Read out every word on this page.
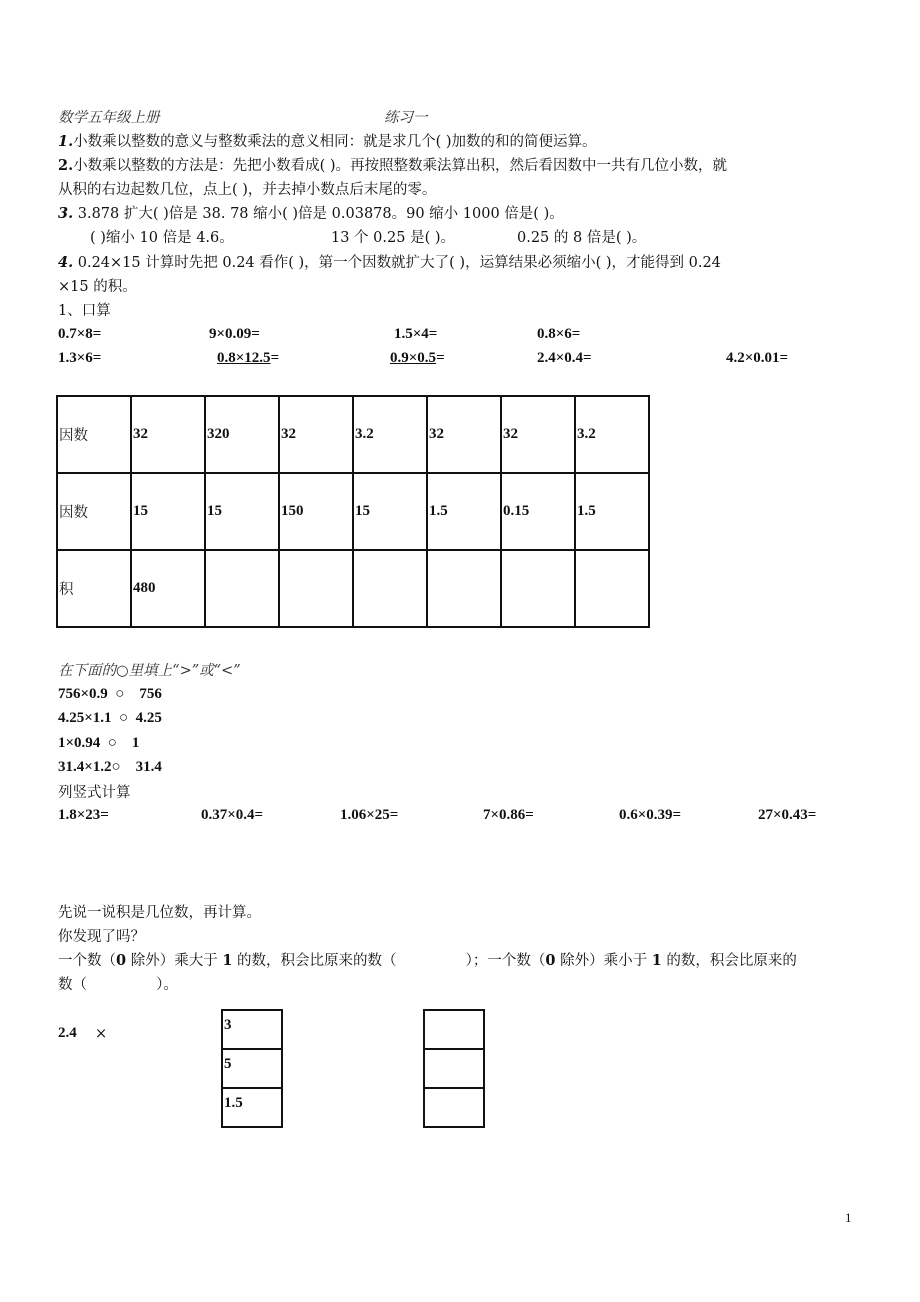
数学五年级上册	练习一
1.小数乘以整数的意义与整数乘法的意义相同：就是求几个( )加数的和的简便运算。
2.小数乘以整数的方法是：先把小数看成( )。再按照整数乘法算出积，然后看因数中一共有几位小数，就
从积的右边起数几位，点上( )，并去掉小数点后末尾的零。
3. 3.878 扩大( )倍是 38. 78 缩小( )倍是 0.03878。90 缩小 1000 倍是( )。
( )缩小 10 倍是 4.6。	13 个 0.25 是( )。	0.25 的 8 倍是( )。
4. 0.24×15 计算时先把 0.24 看作( )，第一个因数就扩大了( )，运算结果必须缩小( )，才能得到 0.24
×15 的积。
1、口算
0.7×8=	9×0.09=	1.5×4=	0.8×6=
1.3×6=	0.8×12.5=	0.9×0.5=	2.4×0.4=	4.2×0.01=
因数	32	320	32	3.2	32	32	3.2
因数	15	15	150	15	1.5	0.15	1.5
积	480						
在下面的○里填上“>”或“<”
756×0.9  ○    756
4.25×1.1  ○  4.25
1×0.94  ○    1
31.4×1.2○    31.4
列竖式计算
1.8×23=	0.37×0.4=	1.06×25=	7×0.86=	0.6×0.39=	27×0.43=
先说一说积是几位数，再计算。
你发现了吗？
一个数（0 除外）乘大于 1 的数，积会比原来的数（               ）；一个数（0 除外）乘小于 1 的数，积会比原来的
数（               ）。
2.4 ×
3
5
1.5

1
